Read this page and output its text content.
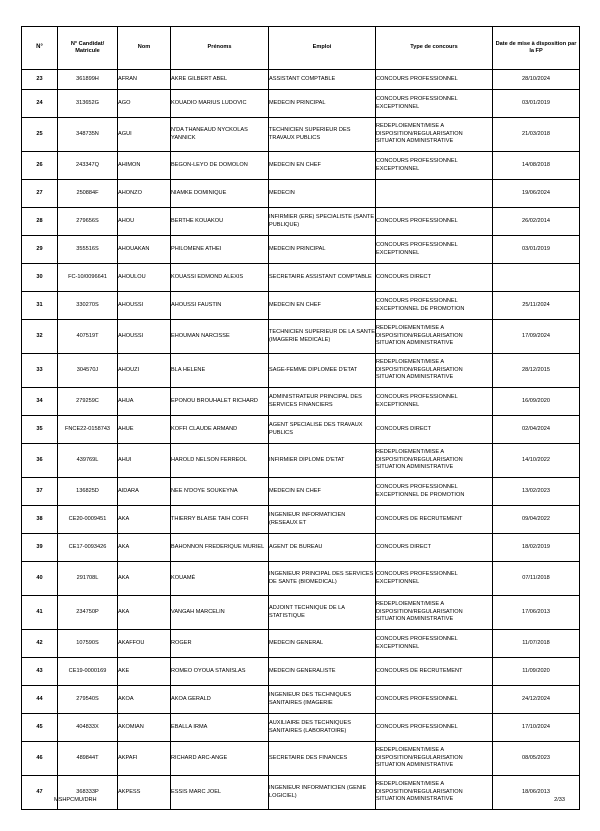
N°	N° Candidat/ Matricule	Nom	Prénoms	Emploi	Type de concours	Date de mise à disposition par la FP
23	361899H	AFRAN	AKRE GILBERT ABEL	ASSISTANT COMPTABLE	CONCOURS PROFESSIONNEL	28/10/2024
24	313652G	AGO	KOUADIO MARIUS LUDOVIC	MEDECIN PRINCIPAL	CONCOURS PROFESSIONNEL EXCEPTIONNEL	03/01/2019
25	348735N	AGUI	N'DA THANEAUD NYCKOLAS YANNICK	TECHNICIEN SUPERIEUR DES TRAVAUX PUBLICS	REDEPLOIEMENT/MISE A DISPOSITION/REGULARISATION SITUATION ADMINISTRATIVE	21/03/2018
26	243347Q	AHIMON	BEGON-LEYO DE DOMOLON	MEDECIN EN CHEF	CONCOURS PROFESSIONNEL EXCEPTIONNEL	14/08/2018
27	250884F	AHONZO	NIAMKE DOMINIQUE	MEDECIN		19/06/2024
28	279656S	AHOU	BERTHE KOUAKOU	INFIRMIER (ERE) SPECIALISTE (SANTE PUBLIQUE)	CONCOURS PROFESSIONNEL	26/02/2014
29	355516S	AHOUAKAN	PHILOMENE ATHEI	MEDECIN PRINCIPAL	CONCOURS PROFESSIONNEL EXCEPTIONNEL	03/01/2019
30	FC-10/0096641	AHOULOU	KOUASSI EDMOND ALEXIS	SECRETAIRE ASSISTANT COMPTABLE	CONCOURS DIRECT	
31	330270S	AHOUSSI	AHOUSSI FAUSTIN	MEDECIN EN CHEF	CONCOURS PROFESSIONNEL EXCEPTIONNEL DE PROMOTION	25/11/2024
32	407519T	AHOUSSI	EHOUMAN NARCISSE	TECHNICIEN SUPERIEUR DE LA SANTE (IMAGERIE MEDICALE)	REDEPLOIEMENT/MISE A DISPOSITION/REGULARISATION SITUATION ADMINISTRATIVE	17/09/2024
33	304570J	AHOUZI	BLA HELENE	SAGE-FEMME DIPLOMEE D'ETAT	REDEPLOIEMENT/MISE A DISPOSITION/REGULARISATION SITUATION ADMINISTRATIVE	28/12/2015
34	279259C	AHUA	EPONOU BROUHALET RICHARD	ADMINISTRATEUR PRINCIPAL DES SERVICES FINANCIERS	CONCOURS PROFESSIONNEL EXCEPTIONNEL	16/09/2020
35	FNCE22-0158743	AHUE	KOFFI CLAUDE ARMAND	AGENT SPECIALISE DES TRAVAUX PUBLICS	CONCOURS DIRECT	02/04/2024
36	439769L	AHUI	HAROLD NELSON FERREOL	INFIRMIER DIPLOME D'ETAT	REDEPLOIEMENT/MISE A DISPOSITION/REGULARISATION SITUATION ADMINISTRATIVE	14/10/2022
37	136825D	AIDARA	NEE N'DOYE SOUKEYNA	MEDECIN EN CHEF	CONCOURS PROFESSIONNEL EXCEPTIONNEL DE PROMOTION	13/02/2023
38	CE20-0009451	AKA	THIERRY BLAISE TAIH COFFI	INGENIEUR INFORMATICIEN (RESEAUX ET	CONCOURS DE RECRUTEMENT	09/04/2022
39	CE17-0093426	AKA	BAHONNON FREDERIQUE MURIEL	AGENT DE BUREAU	CONCOURS DIRECT	18/02/2019
40	291708L	AKA	KOUAMÉ	INGENIEUR PRINCIPAL DES SERVICES DE SANTE (BIOMEDICAL)	CONCOURS PROFESSIONNEL EXCEPTIONNEL	07/11/2018
41	234750P	AKA	VANGAH MARCELIN	ADJOINT TECHNIQUE DE LA STATISTIQUE	REDEPLOIEMENT/MISE A DISPOSITION/REGULARISATION SITUATION ADMINISTRATIVE	17/06/2013
42	107590S	AKAFFOU	ROGER	MEDECIN GENERAL	CONCOURS PROFESSIONNEL EXCEPTIONNEL	11/07/2018
43	CE19-0000169	AKE	ROMEO OYOUA STANISLAS	MEDECIN GENERALISTE	CONCOURS DE RECRUTEMENT	11/09/2020
44	279540S	AKOA	AKOA GERALD	INGENIEUR DES TECHNIQUES SANITAIRES (IMAGERIE	CONCOURS PROFESSIONNEL	24/12/2024
45	404833X	AKOMIAN	EBALLA IRMA	AUXILIAIRE DES TECHNIQUES SANITAIRES (LABORATOIRE)	CONCOURS PROFESSIONNEL	17/10/2024
46	489844T	AKPAFI	RICHARD ARC-ANGE	SECRETAIRE DES FINANCES	REDEPLOIEMENT/MISE A DISPOSITION/REGULARISATION SITUATION ADMINISTRATIVE	08/05/2023
47	368333P	AKPESS	ESSIS MARC JOEL	INGENIEUR INFORMATICIEN (GENIE LOGICIEL)	REDEPLOIEMENT/MISE A DISPOSITION/REGULARISATION SITUATION ADMINISTRATIVE	18/06/2013
MSHPCMU/DRH	2/33
